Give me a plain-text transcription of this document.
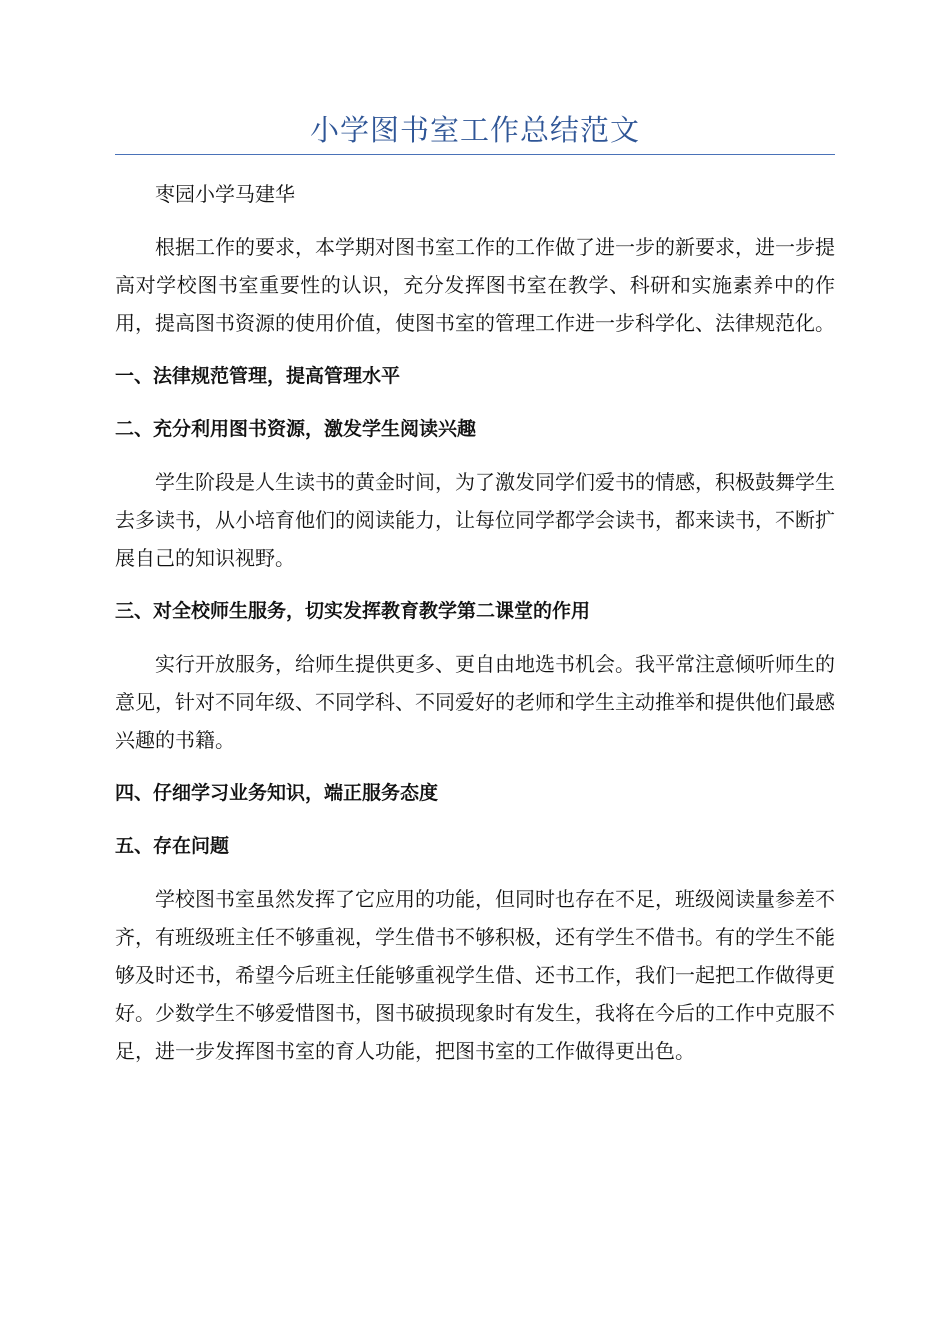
小学图书室工作总结范文
枣园小学马建华
根据工作的要求，本学期对图书室工作的工作做了进一步的新要求，进一步提高对学校图书室重要性的认识，充分发挥图书室在教学、科研和实施素养中的作用，提高图书资源的使用价值，使图书室的管理工作进一步科学化、法律规范化。
一、法律规范管理，提高管理水平
二、充分利用图书资源，激发学生阅读兴趣
学生阶段是人生读书的黄金时间，为了激发同学们爱书的情感，积极鼓舞学生去多读书，从小培育他们的阅读能力，让每位同学都学会读书，都来读书，不断扩展自己的知识视野。
三、对全校师生服务，切实发挥教育教学第二课堂的作用
实行开放服务，给师生提供更多、更自由地选书机会。我平常注意倾听师生的意见，针对不同年级、不同学科、不同爱好的老师和学生主动推举和提供他们最感兴趣的书籍。
四、仔细学习业务知识，端正服务态度
五、存在问题
学校图书室虽然发挥了它应用的功能，但同时也存在不足，班级阅读量参差不齐，有班级班主任不够重视，学生借书不够积极，还有学生不借书。有的学生不能够及时还书，希望今后班主任能够重视学生借、还书工作，我们一起把工作做得更好。少数学生不够爱惜图书，图书破损现象时有发生，我将在今后的工作中克服不足，进一步发挥图书室的育人功能，把图书室的工作做得更出色。
